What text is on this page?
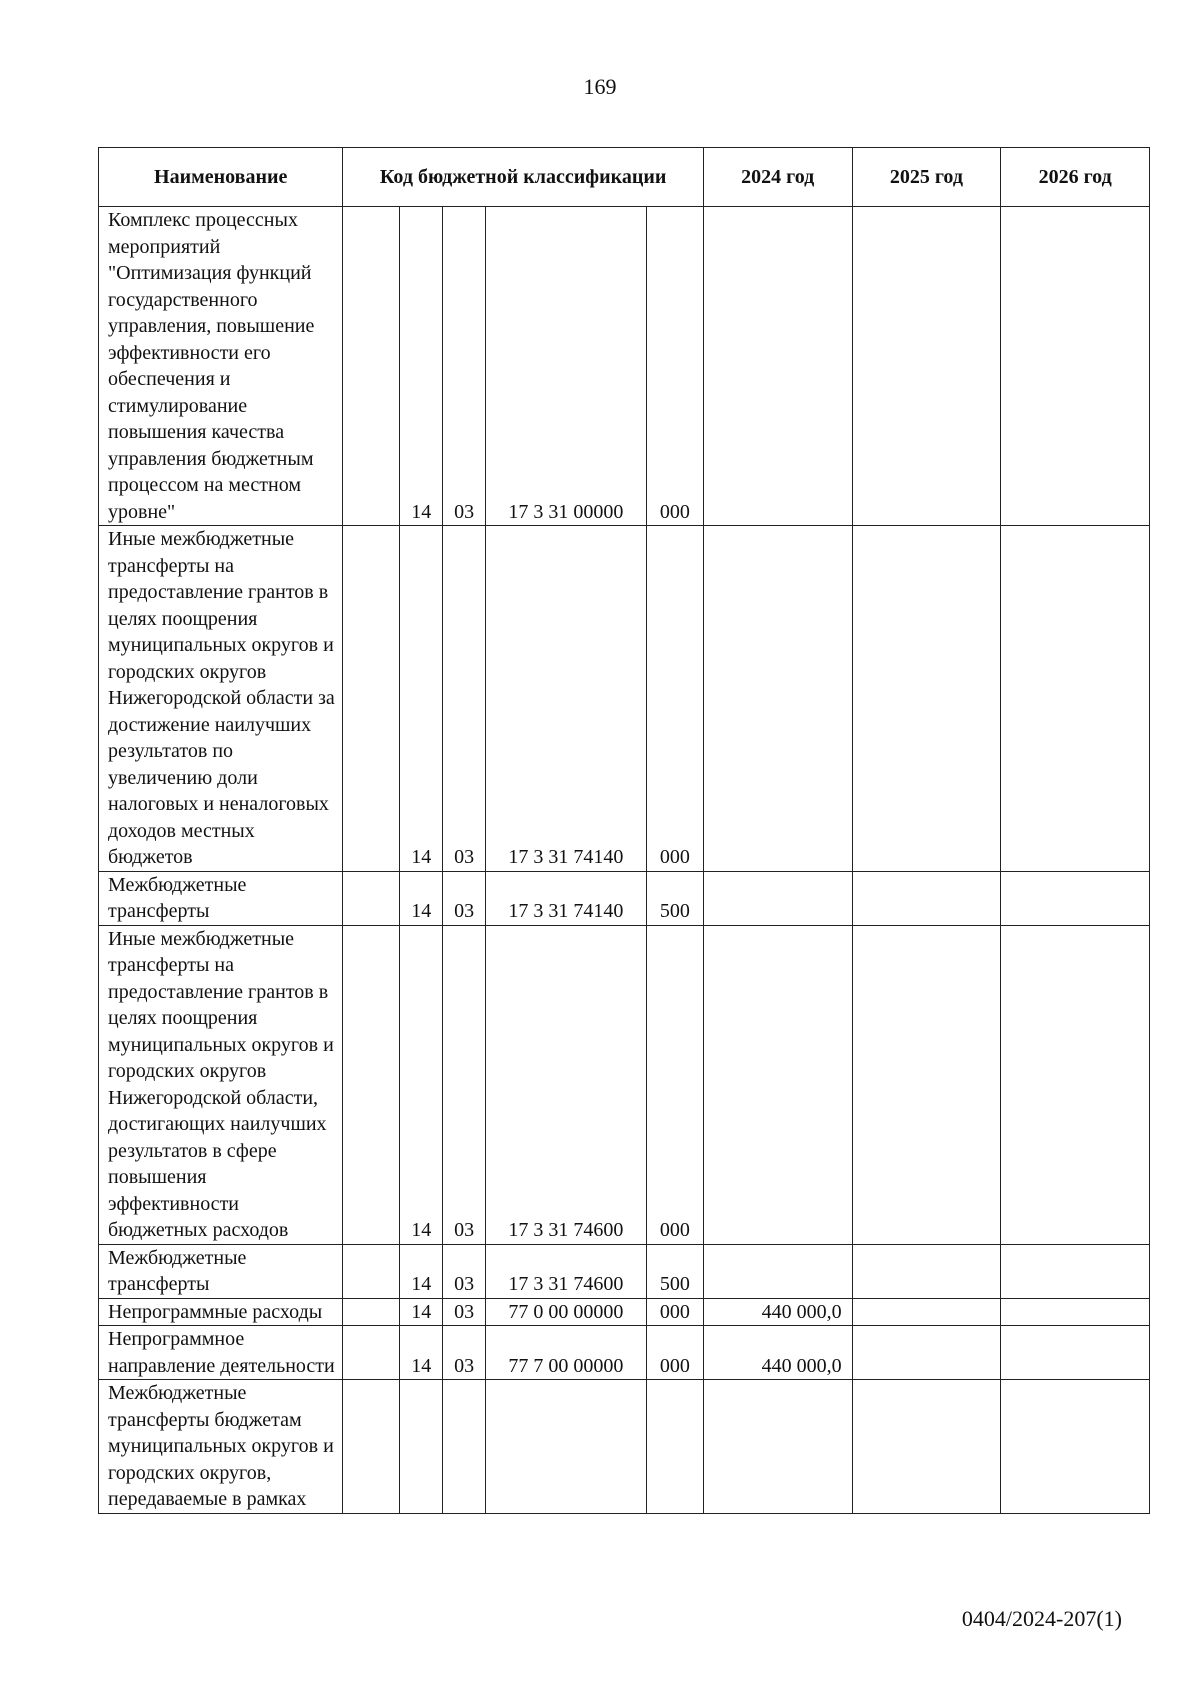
169
Наименование	Код бюджетной классификации					2024 год	2025 год	2026 год
Комплекс процессных мероприятий "Оптимизация функций государственного управления, повышение эффективности его обеспечения и стимулирование повышения качества управления бюджетным процессом на местном уровне"		14	03	17 3 31 00000	000			
Иные межбюджетные трансферты на предоставление грантов в целях поощрения муниципальных округов и городских округов Нижегородской области за достижение наилучших результатов по увеличению доли налоговых и неналоговых доходов местных бюджетов		14	03	17 3 31 74140	000			
Межбюджетные трансферты		14	03	17 3 31 74140	500			
Иные межбюджетные трансферты на предоставление грантов в целях поощрения муниципальных округов и городских округов Нижегородской области, достигающих наилучших результатов в сфере повышения эффективности бюджетных расходов		14	03	17 3 31 74600	000			
Межбюджетные трансферты		14	03	17 3 31 74600	500			
Непрограммные расходы		14	03	77 0 00 00000	000	440 000,0		
Непрограммное направление деятельности		14	03	77 7 00 00000	000	440 000,0		
Межбюджетные трансферты бюджетам муниципальных округов и городских округов, передаваемые в рамках								
0404/2024-207(1)
